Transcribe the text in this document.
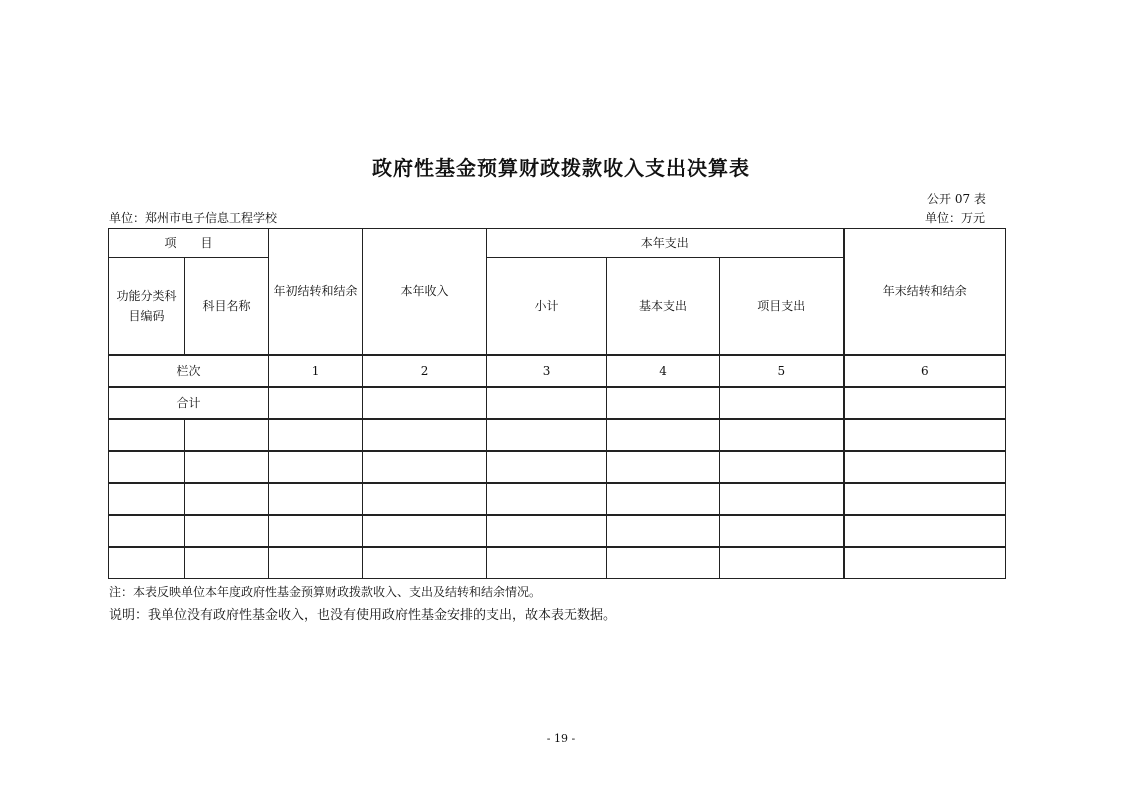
政府性基金预算财政拨款收入支出决算表
公开 07 表
单位：郑州市电子信息工程学校	单位：万元
项　　目		年初结转和结余	本年收入	本年支出			年末结转和结余
功能分类科目编码	科目名称			小计	基本支出	项目支出	
栏次		1	2	3	4	5	6
合计							

注：本表反映单位本年度政府性基金预算财政拨款收入、支出及结转和结余情况。
说明：我单位没有政府性基金收入，也没有使用政府性基金安排的支出，故本表无数据。
- 19 -
